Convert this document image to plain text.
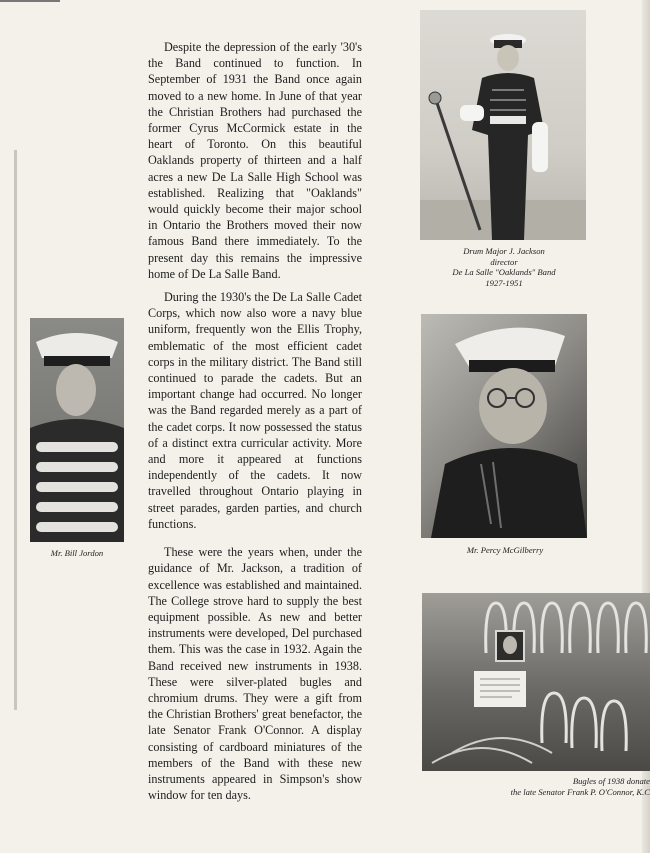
Despite the depression of the early '30's the Band continued to function. In September of 1931 the Band once again moved to a new home. In June of that year the Christian Brothers had purchased the former Cyrus McCormick estate in the heart of Toronto. On this beautiful Oaklands property of thirteen and a half acres a new De La Salle High School was established. Realizing that "Oaklands" would quickly become their major school in Ontario the Brothers moved their now famous Band there immediately. To the present day this remains the impressive home of De La Salle Band.

During the 1930's the De La Salle Cadet Corps, which now also wore a navy blue uniform, frequently won the Ellis Trophy, emblematic of the most efficient cadet corps in the military district. The Band still continued to parade the cadets. But an important change had occurred. No longer was the Band regarded merely as a part of the cadet corps. It now possessed the status of a distinct extra curricular activity. More and more it appeared at functions independently of the cadets. It now travelled throughout Ontario playing in street parades, garden parties, and church functions.

These were the years when, under the guidance of Mr. Jackson, a tradition of excellence was established and maintained. The College strove hard to supply the best equipment possible. As new and better instruments were developed, Del purchased them. This was the case in 1932. Again the Band received new instruments in 1938. These were silver-plated bugles and chromium drums. They were a gift from the Christian Brothers' great benefactor, the late Senator Frank O'Connor. A display consisting of cardboard miniatures of the members of the Band with these new instruments appeared in Simpson's show window for ten days.

Drum Major J. Jackson
director
De La Salle "Oaklands" Band
1927-1951
Mr. Bill Jordon	Mr. Percy McGilberry
Bugles of 1938 donate
the late Senator Frank P. O'Connor, K.C
